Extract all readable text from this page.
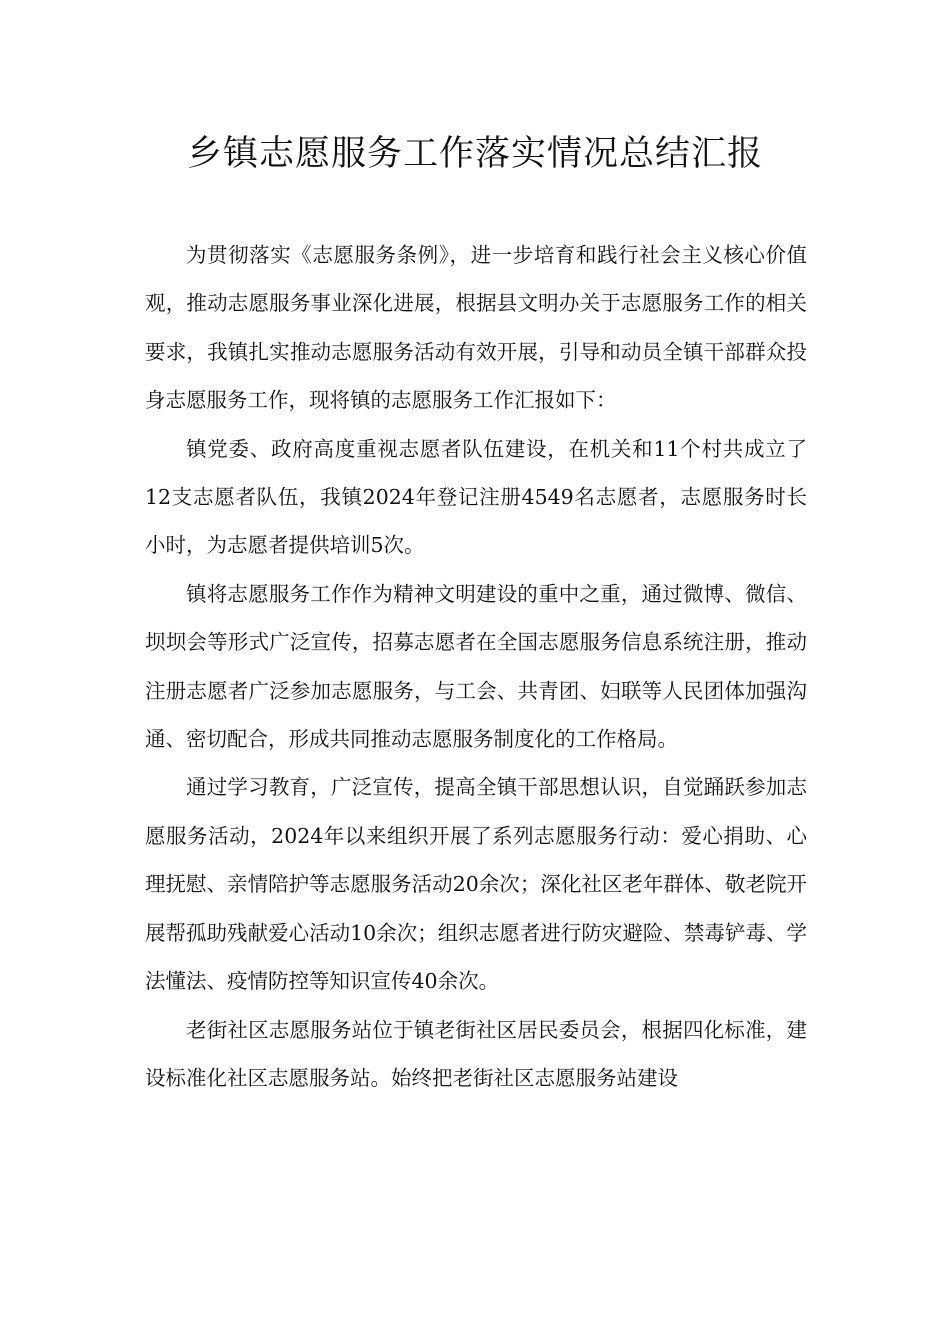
乡镇志愿服务工作落实情况总结汇报

为贯彻落实《志愿服务条例》，进一步培育和践行社会主义核心价值观，推动志愿服务事业深化进展，根据县文明办关于志愿服务工作的相关要求，我镇扎实推动志愿服务活动有效开展，引导和动员全镇干部群众投身志愿服务工作，现将镇的志愿服务工作汇报如下：

镇党委、政府高度重视志愿者队伍建设，在机关和11个村共成立了12支志愿者队伍，我镇2024年登记注册4549名志愿者，志愿服务时长小时，为志愿者提供培训5次。

镇将志愿服务工作作为精神文明建设的重中之重，通过微博、微信、坝坝会等形式广泛宣传，招募志愿者在全国志愿服务信息系统注册，推动注册志愿者广泛参加志愿服务，与工会、共青团、妇联等人民团体加强沟通、密切配合，形成共同推动志愿服务制度化的工作格局。

通过学习教育，广泛宣传，提高全镇干部思想认识，自觉踊跃参加志愿服务活动，2024年以来组织开展了系列志愿服务行动：爱心捐助、心理抚慰、亲情陪护等志愿服务活动20余次；深化社区老年群体、敬老院开展帮孤助残献爱心活动10余次；组织志愿者进行防灾避险、禁毒铲毒、学法懂法、疫情防控等知识宣传40余次。

老街社区志愿服务站位于镇老街社区居民委员会，根据四化标准，建设标准化社区志愿服务站。始终把老街社区志愿服务站建设
